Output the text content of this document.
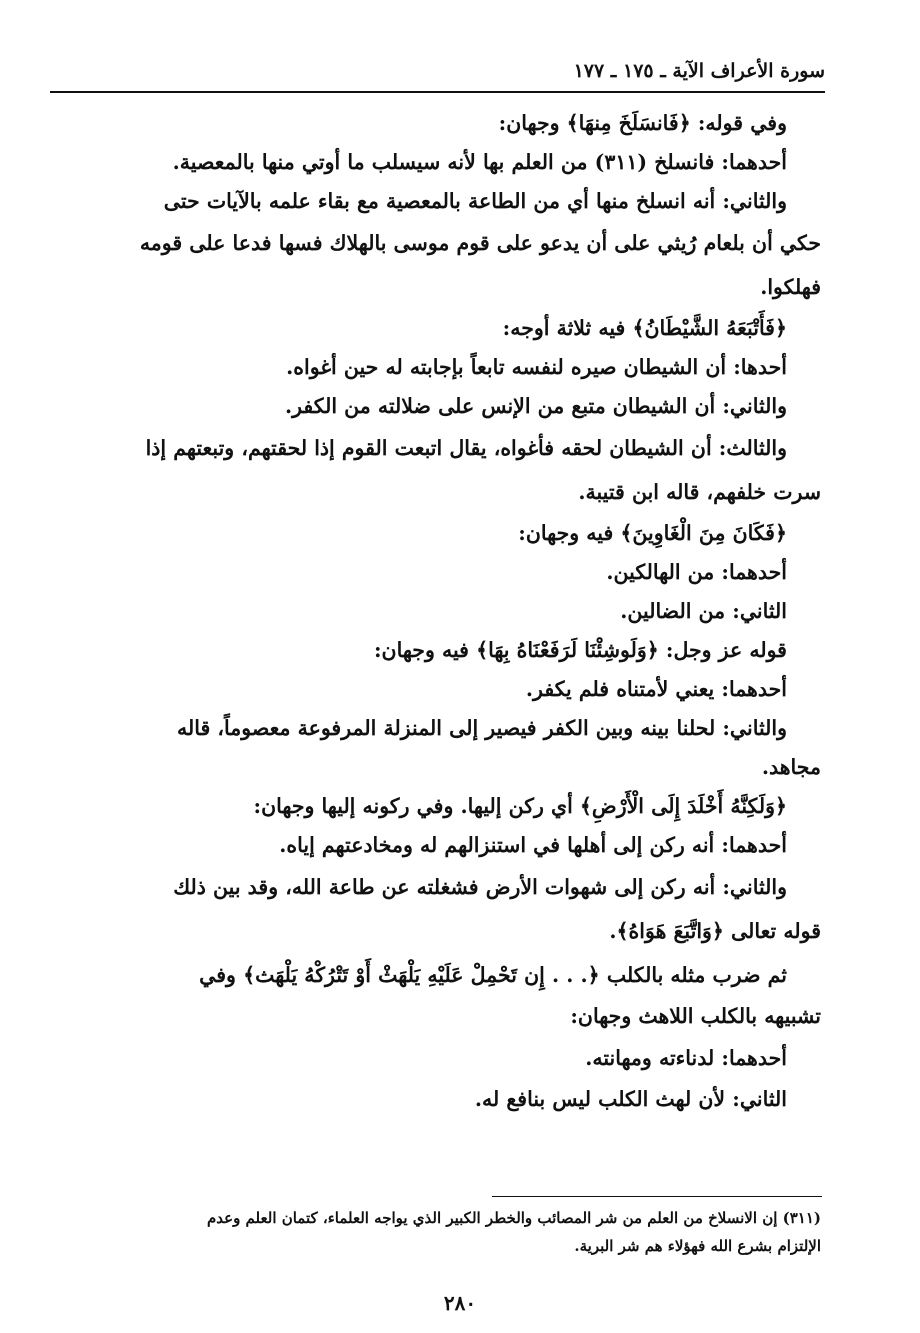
سورة الأعراف الآية ـ ١٧٥ ـ ١٧٧
وفي قوله: ﴿فَانسَلَخَ مِنهَا﴾ وجهان:
أحدهما: فانسلخ (٣١١) من العلم بها لأنه سيسلب ما أوتي منها بالمعصية.
والثاني: أنه انسلخ منها أي من الطاعة بالمعصية مع بقاء علمه بالآيات حتى
حكي أن بلعام رُيثي على أن يدعو على قوم موسى بالهلاك فسها فدعا على قومه
فهلكوا.
﴿فَأَتْبَعَهُ الشَّيْطَانُ﴾ فيه ثلاثة أوجه:
أحدها: أن الشيطان صيره لنفسه تابعاً بإجابته له حين أغواه.
والثاني: أن الشيطان متبع من الإنس على ضلالته من الكفر.
والثالث: أن الشيطان لحقه فأغواه، يقال اتبعت القوم إذا لحقتهم، وتبعتهم إذا
سرت خلفهم، قاله ابن قتيبة.
﴿فَكَانَ مِنَ الْغَاوِينَ﴾ فيه وجهان:
أحدهما: من الهالكين.
الثاني: من الضالين.
قوله عز وجل: ﴿وَلَوشِئْنَا لَرَفَعْنَاهُ بِهَا﴾ فيه وجهان:
أحدهما: يعني لأمتناه فلم يكفر.
والثاني: لحلنا بينه وبين الكفر فيصير إلى المنزلة المرفوعة معصوماً، قاله
مجاهد.
﴿وَلَكِنَّهُ أَخْلَدَ إِلَى الْأَرْضِ﴾ أي ركن إليها. وفي ركونه إليها وجهان:
أحدهما: أنه ركن إلى أهلها في استنزالهم له ومخادعتهم إياه.
والثاني: أنه ركن إلى شهوات الأرض فشغلته عن طاعة الله، وقد بين ذلك
قوله تعالى ﴿وَاتَّبَعَ هَوَاهُ﴾.
ثم ضرب مثله بالكلب ﴿. . . إِن تَحْمِلْ عَلَيْهِ يَلْهَثْ أَوْ تَتْرُكْهُ يَلْهَث﴾ وفي
تشبيهه بالكلب اللاهث وجهان:
أحدهما: لدناءته ومهانته.
الثاني: لأن لهث الكلب ليس بنافع له.
(٣١١) إن الانسلاخ من العلم من شر المصائب والخطر الكبير الذي يواجه العلماء، كتمان العلم وعدم
الإلتزام بشرع الله فهؤلاء هم شر البرية.
٢٨٠
